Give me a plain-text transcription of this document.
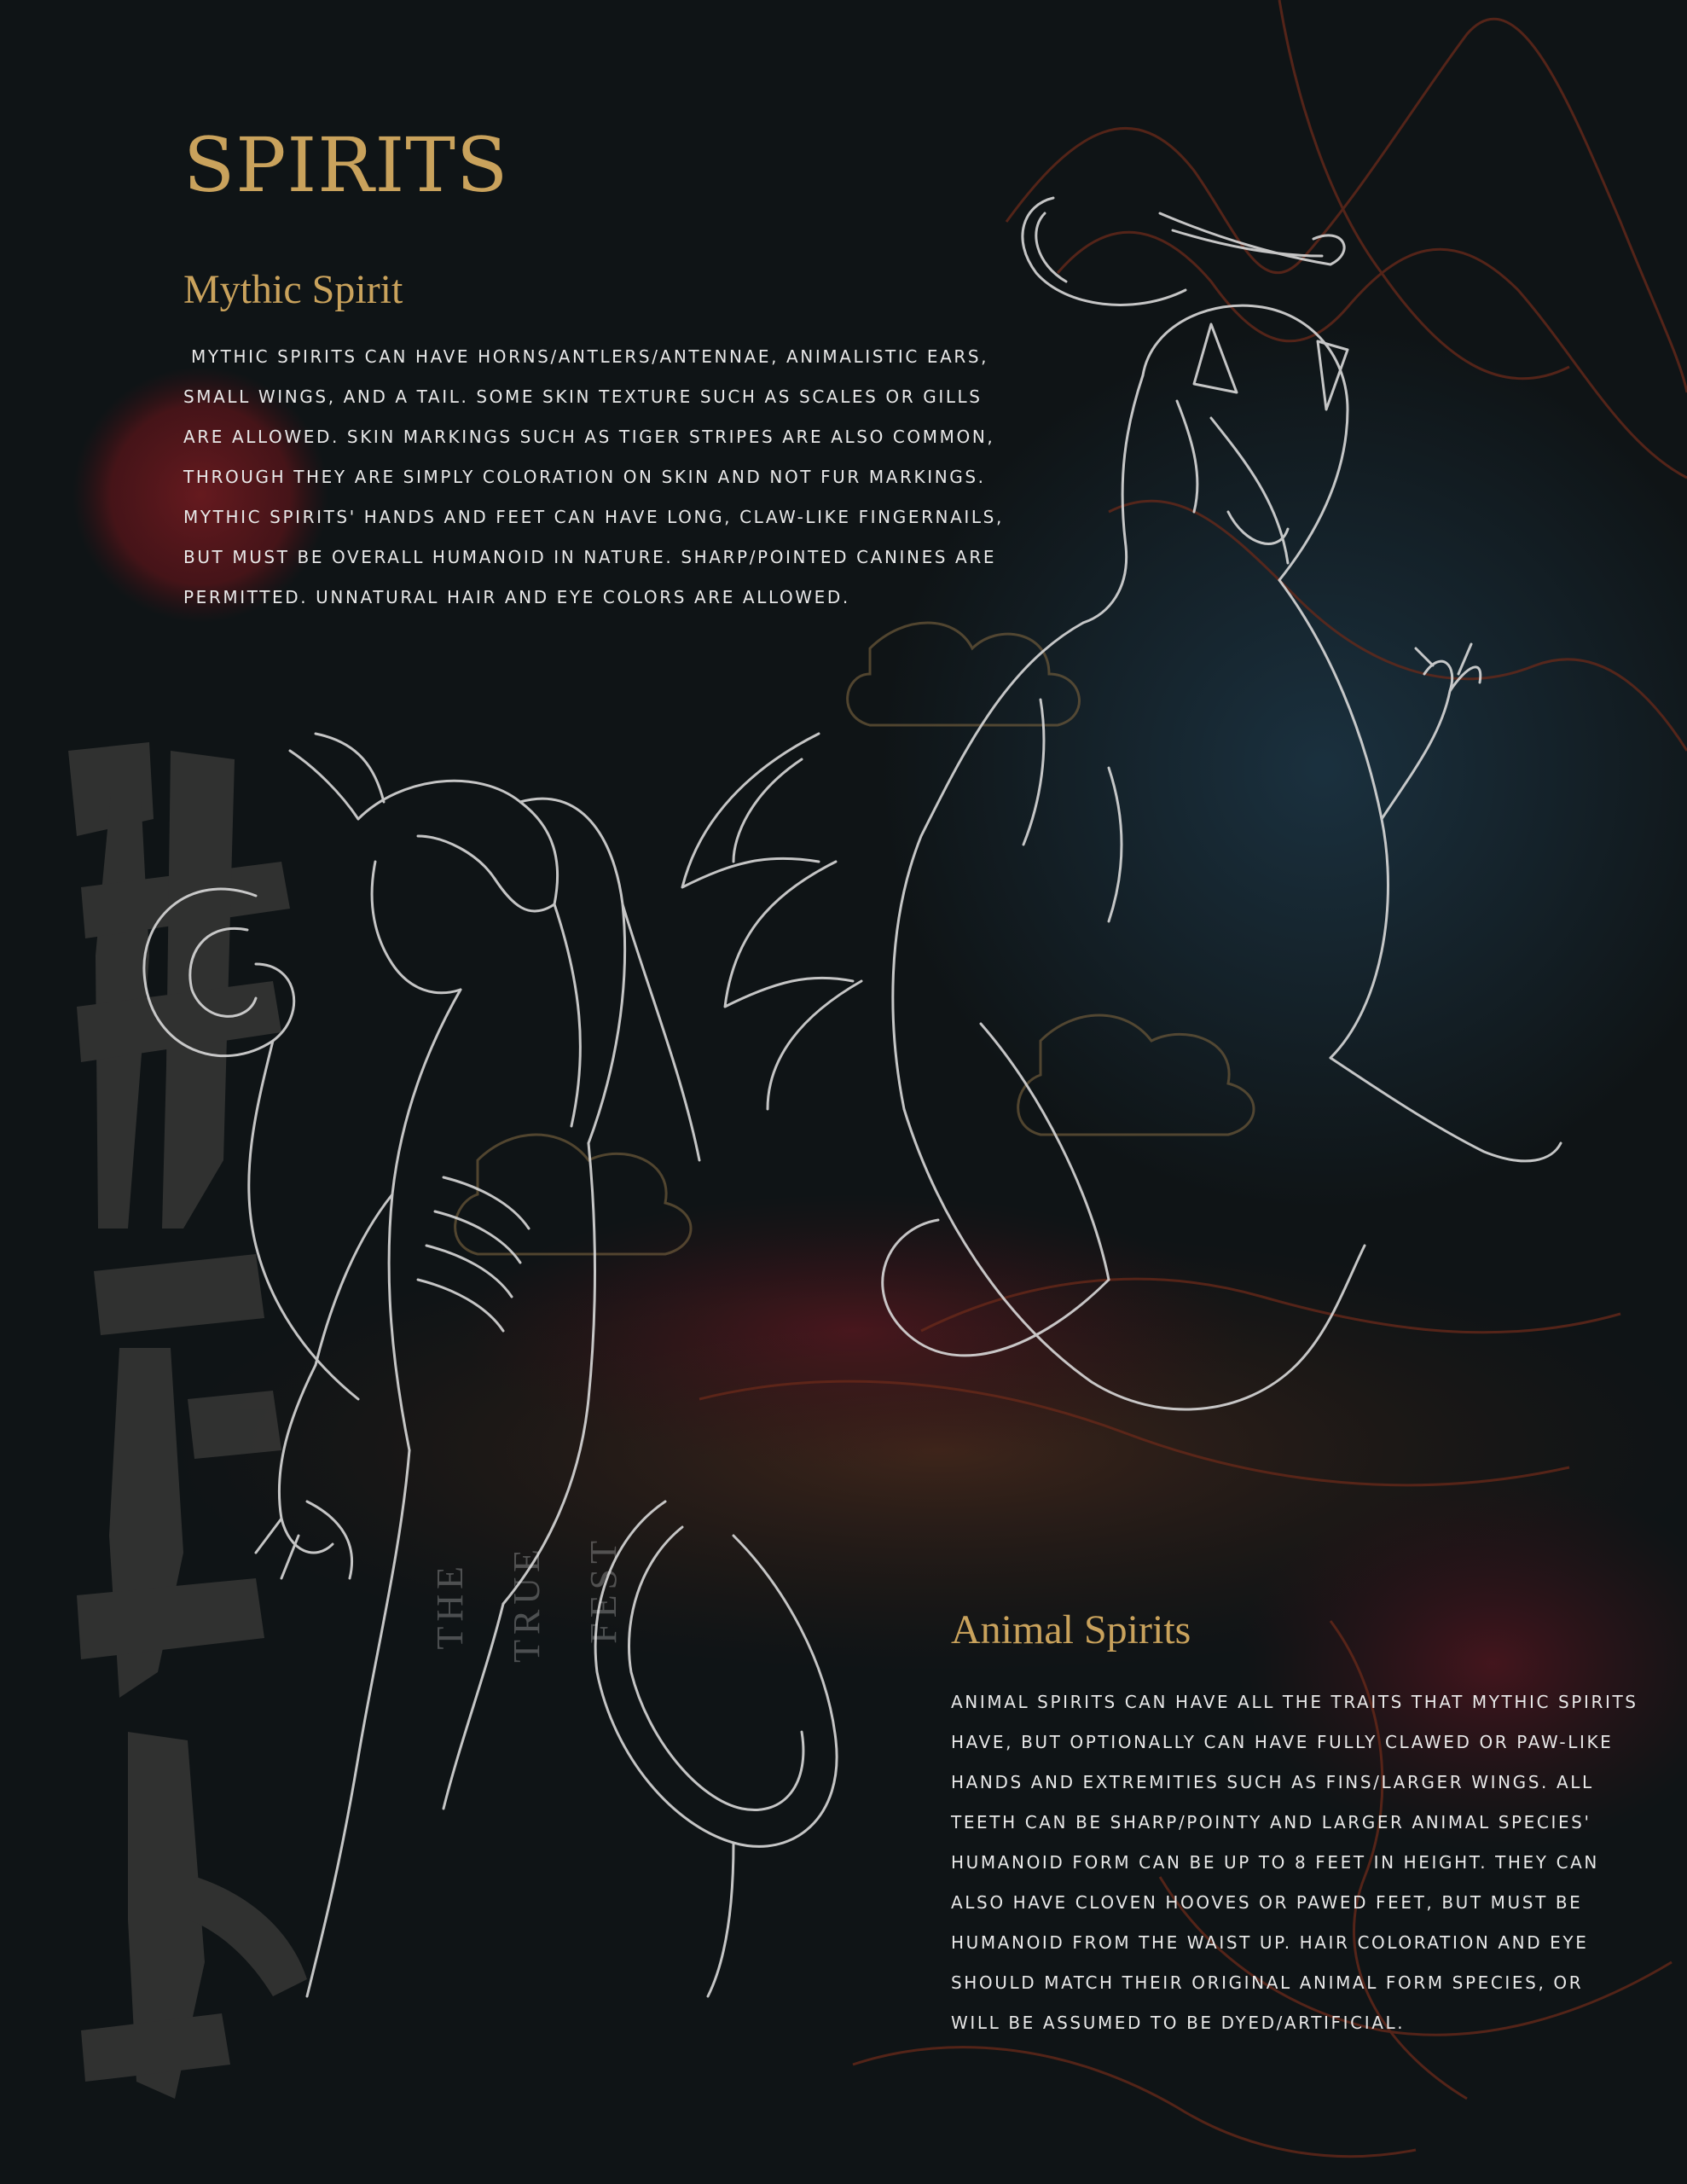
THE TRUE FEST
SPIRITS
Mythic Spirit
MYTHIC SPIRITS CAN HAVE HORNS/ANTLERS/ANTENNAE, ANIMALISTIC EARS,
SMALL WINGS, AND A TAIL. SOME SKIN TEXTURE SUCH AS SCALES OR GILLS
ARE ALLOWED. SKIN MARKINGS SUCH AS TIGER STRIPES ARE ALSO COMMON,
THROUGH THEY ARE SIMPLY COLORATION ON SKIN AND NOT FUR MARKINGS.
MYTHIC SPIRITS' HANDS AND FEET CAN HAVE LONG, CLAW-LIKE FINGERNAILS,
BUT MUST BE OVERALL HUMANOID IN NATURE. SHARP/POINTED CANINES ARE
PERMITTED. UNNATURAL HAIR AND EYE COLORS ARE ALLOWED.
Animal Spirits
ANIMAL SPIRITS CAN HAVE ALL THE TRAITS THAT MYTHIC SPIRITS
HAVE, BUT OPTIONALLY CAN HAVE FULLY CLAWED OR PAW-LIKE
HANDS AND EXTREMITIES SUCH AS FINS/LARGER WINGS. ALL
TEETH CAN BE SHARP/POINTY AND LARGER ANIMAL SPECIES'
HUMANOID FORM CAN BE UP TO 8 FEET IN HEIGHT. THEY CAN
ALSO HAVE CLOVEN HOOVES OR PAWED FEET, BUT MUST BE
HUMANOID FROM THE WAIST UP. HAIR COLORATION AND EYE
SHOULD MATCH THEIR ORIGINAL ANIMAL FORM SPECIES, OR
WILL BE ASSUMED TO BE DYED/ARTIFICIAL.
